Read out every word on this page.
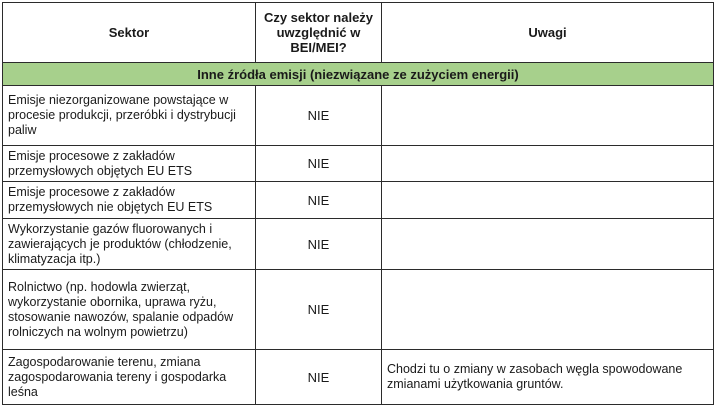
Sektor	Czy sektor należy uwzględnić w BEI/MEI?	Uwagi
Inne źródła emisji (niezwiązane ze zużyciem energii)		
Emisje niezorganizowane powstające w procesie produkcji, przeróbki i dystrybucji paliw	NIE	
Emisje procesowe z zakładów przemysłowych objętych EU ETS	NIE	
Emisje procesowe z zakładów przemysłowych nie objętych EU ETS	NIE	
Wykorzystanie gazów fluorowanych i zawierających je produktów (chłodzenie, klimatyzacja itp.)	NIE	
Rolnictwo (np. hodowla zwierząt, wykorzystanie obornika, uprawa ryżu, stosowanie nawozów, spalanie odpadów rolniczych na wolnym powietrzu)	NIE	
Zagospodarowanie terenu, zmiana zagospodarowania tereny i gospodarka leśna	NIE	Chodzi tu o zmiany w zasobach węgla spowodowane zmianami użytkowania gruntów.
